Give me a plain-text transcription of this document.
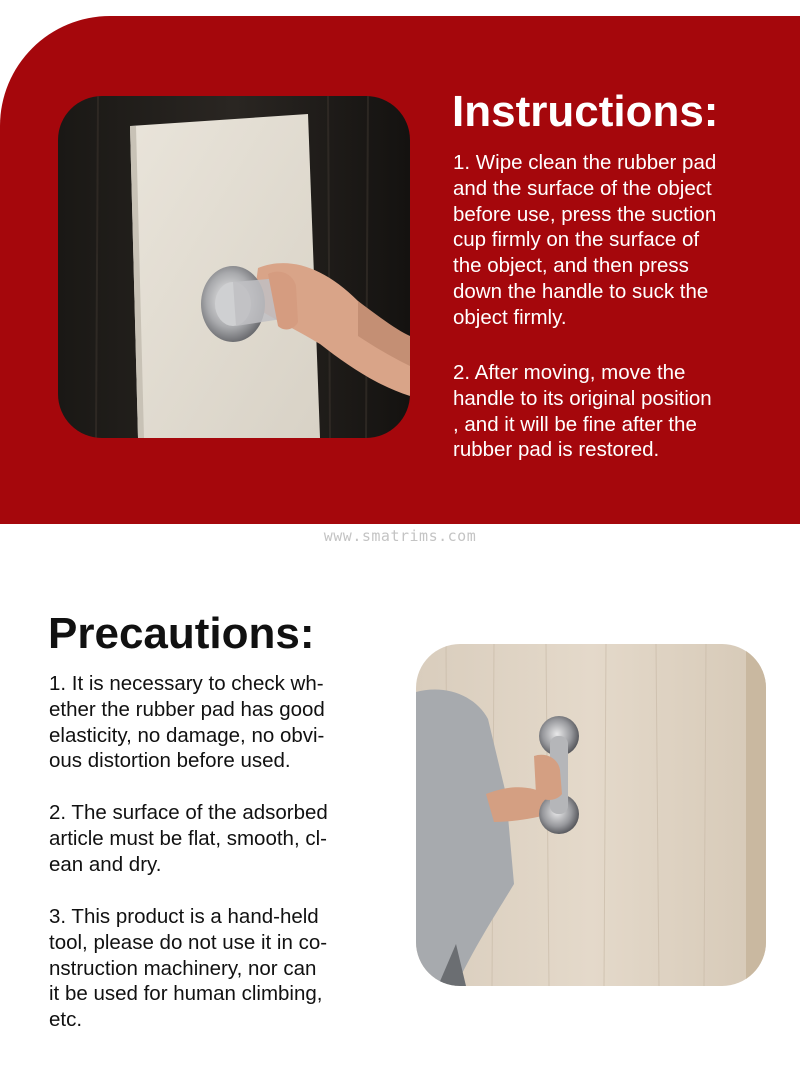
Instructions:

1. Wipe clean the rubber pad
and the surface of the object
before use, press the suction
cup firmly on the surface of
the object, and then press
down the handle to suck the
object firmly.

2. After moving, move the
handle to its original position
, and it will be fine after the
rubber pad is restored.

www.smatrims.com
Precautions:

1. It is necessary to check wh-
ether the rubber pad has good
elasticity, no damage, no obvi-
ous distortion before used.

2. The surface of the adsorbed
article must be flat, smooth, cl-
ean and dry.

3. This product is a hand-held
tool, please do not use it in co-
nstruction machinery, nor can
it be used for human climbing,
etc.
